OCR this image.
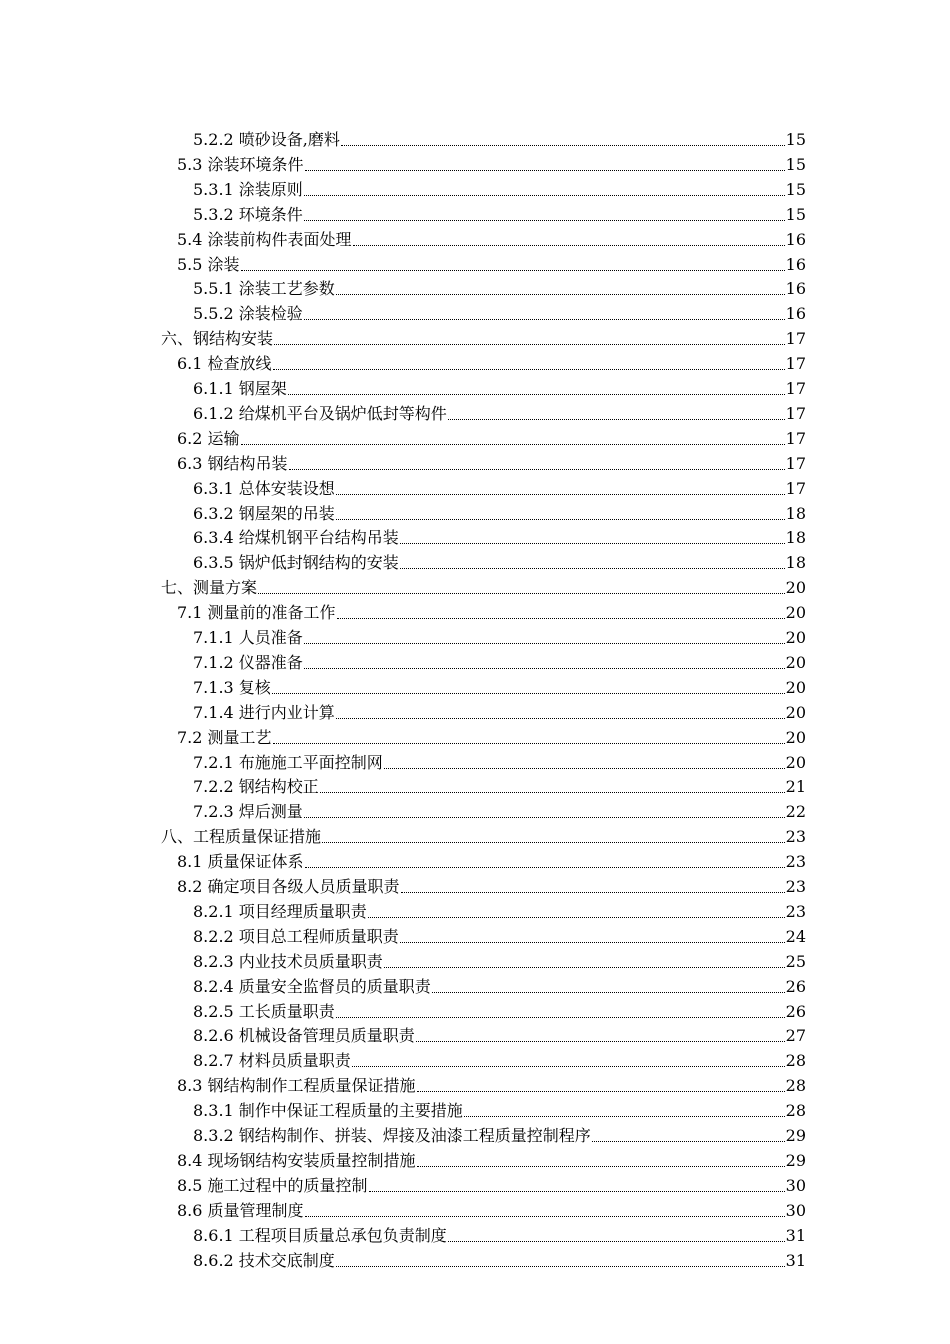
5.2.2 喷砂设备,磨料	15
5.3 涂装环境条件	15
5.3.1 涂装原则	15
5.3.2 环境条件	15
5.4 涂装前构件表面处理	16
5.5 涂装	16
5.5.1 涂装工艺参数	16
5.5.2 涂装检验	16
六、钢结构安装	17
6.1 检查放线	17
6.1.1 钢屋架	17
6.1.2 给煤机平台及锅炉低封等构件	17
6.2 运输	17
6.3 钢结构吊装	17
6.3.1 总体安装设想	17
6.3.2 钢屋架的吊装	18
6.3.4 给煤机钢平台结构吊装	18
6.3.5 锅炉低封钢结构的安装	18
七、测量方案	20
7.1 测量前的准备工作	20
7.1.1 人员准备	20
7.1.2 仪器准备	20
7.1.3 复核	20
7.1.4 进行内业计算	20
7.2 测量工艺	20
7.2.1 布施施工平面控制网	20
7.2.2 钢结构校正	21
7.2.3 焊后测量	22
八、工程质量保证措施	23
8.1 质量保证体系	23
8.2 确定项目各级人员质量职责	23
8.2.1 项目经理质量职责	23
8.2.2 项目总工程师质量职责	24
8.2.3 内业技术员质量职责	25
8.2.4 质量安全监督员的质量职责	26
8.2.5 工长质量职责	26
8.2.6 机械设备管理员质量职责	27
8.2.7 材料员质量职责	28
8.3 钢结构制作工程质量保证措施	28
8.3.1 制作中保证工程质量的主要措施	28
8.3.2 钢结构制作、拼装、焊接及油漆工程质量控制程序	29
8.4 现场钢结构安装质量控制措施	29
8.5 施工过程中的质量控制	30
8.6 质量管理制度	30
8.6.1 工程项目质量总承包负责制度	31
8.6.2 技术交底制度	31
